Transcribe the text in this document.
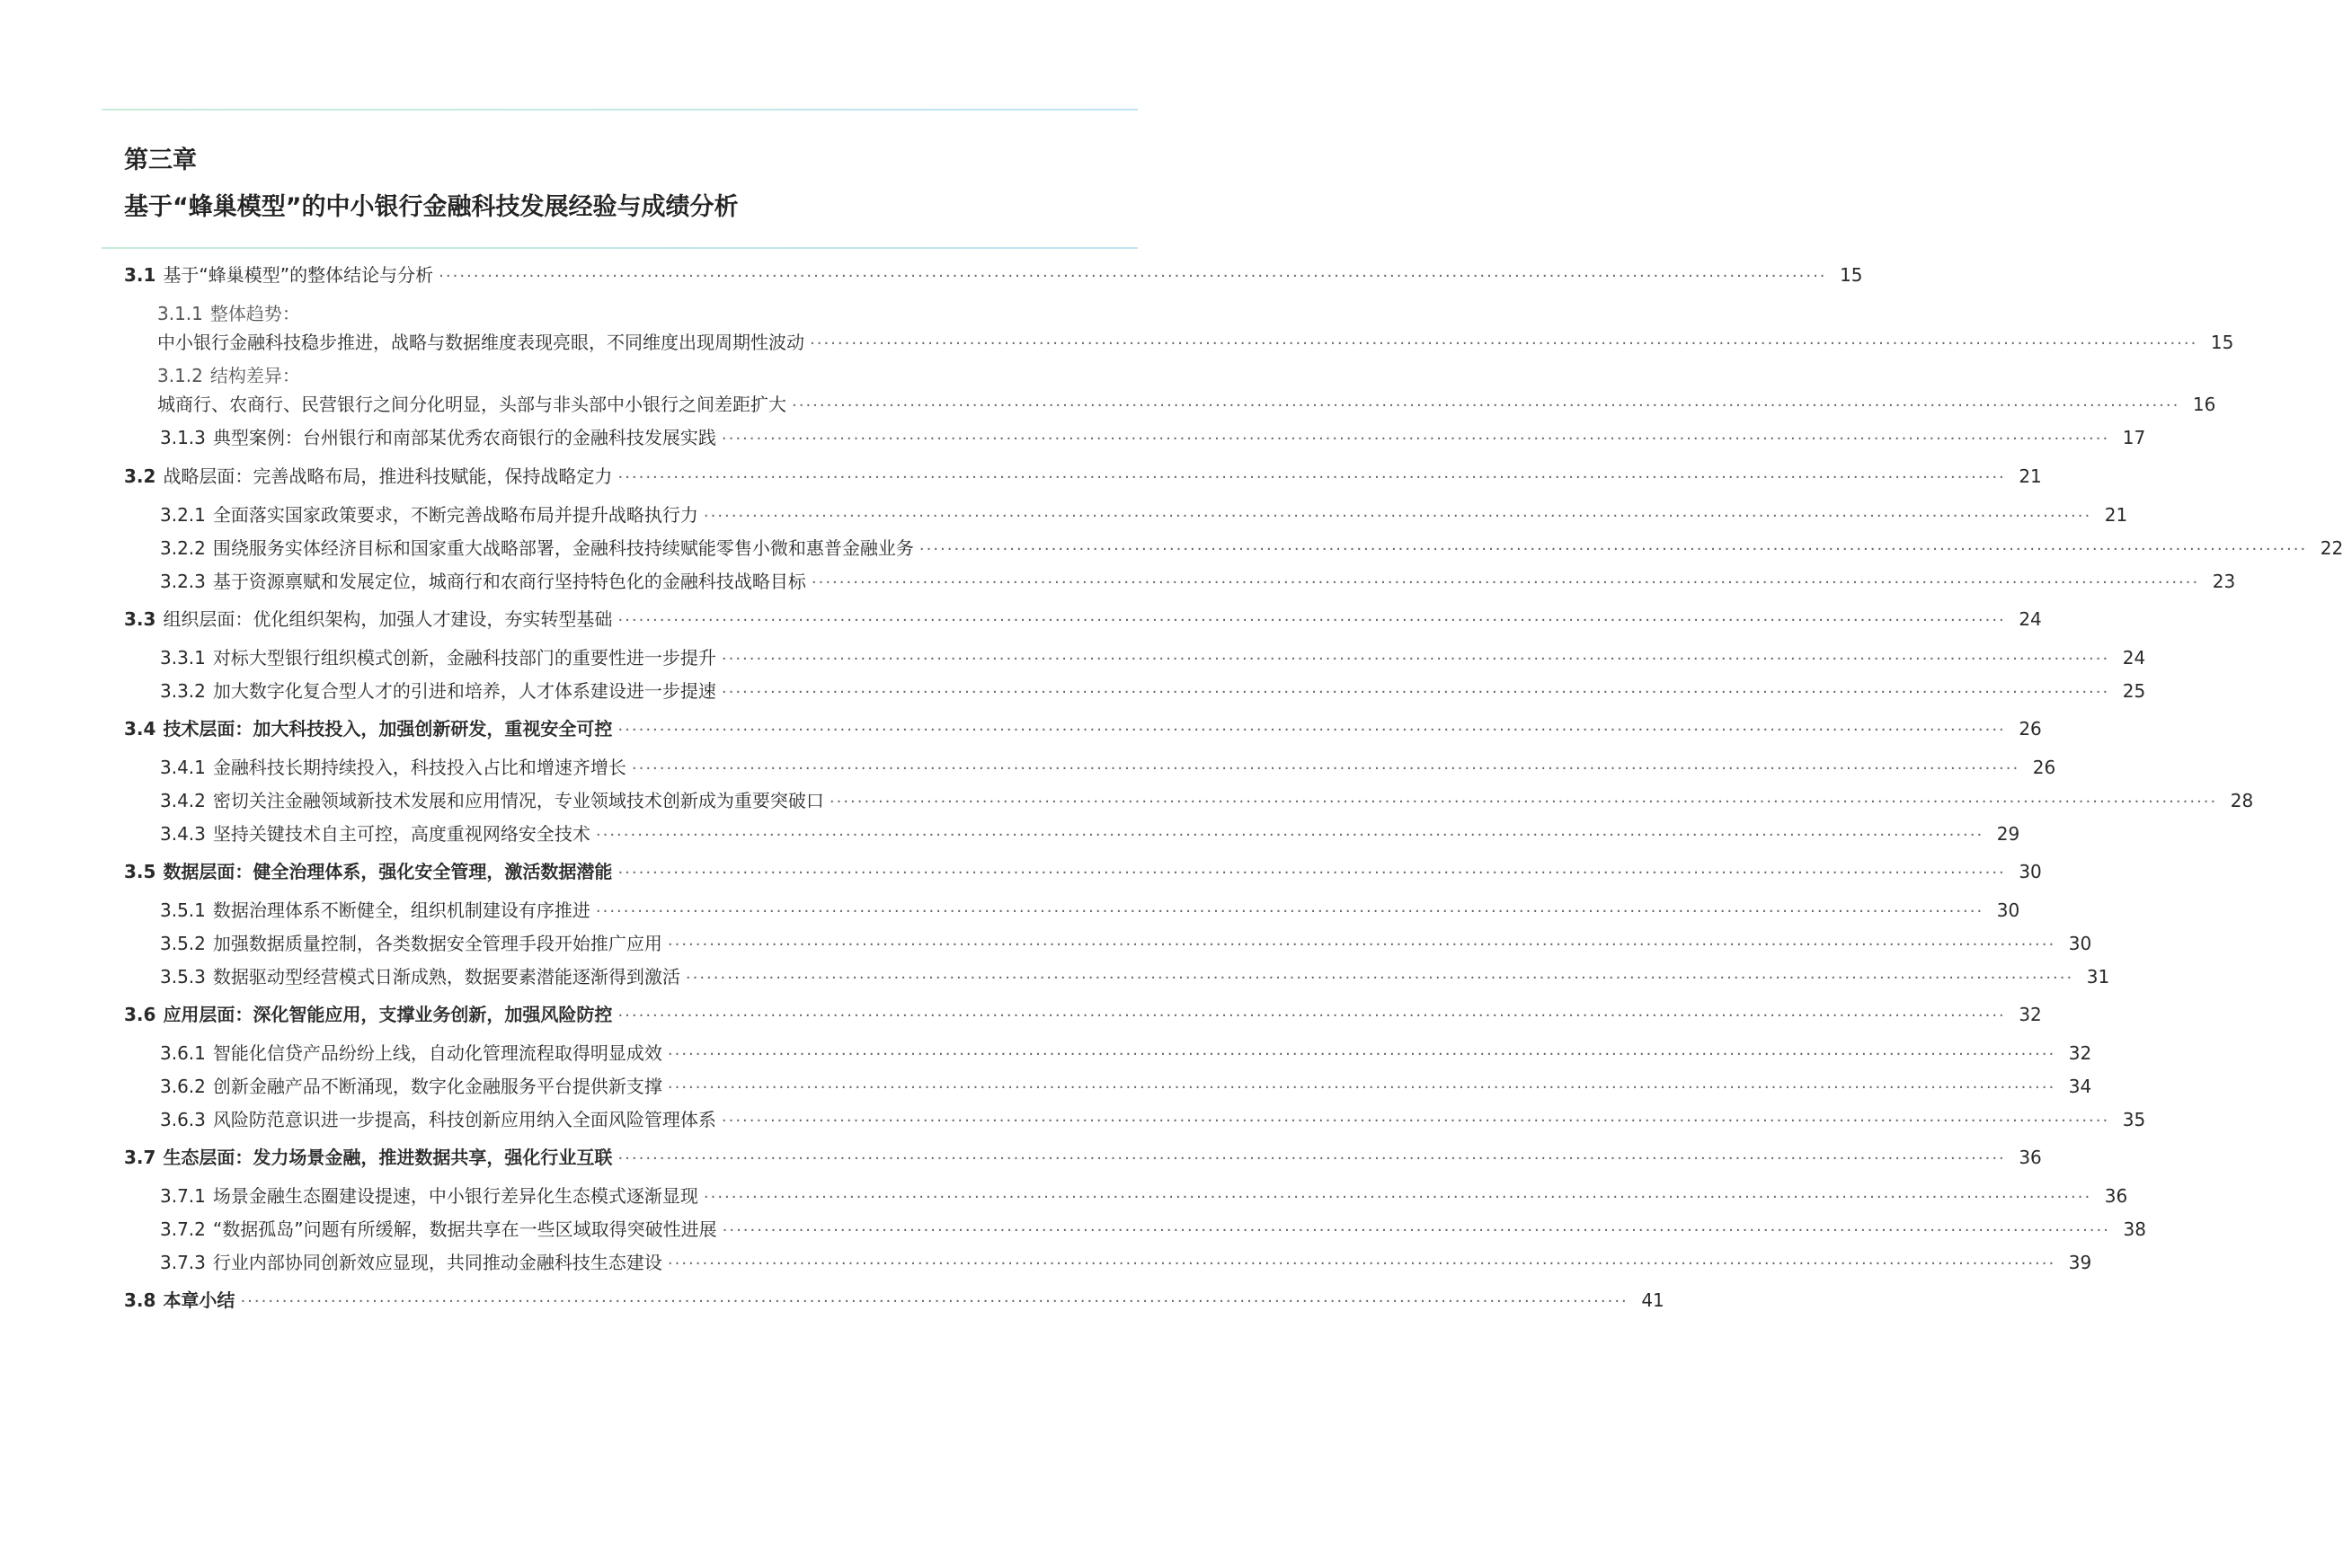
第三章
基于“蜂巢模型”的中小银行金融科技发展经验与成绩分析
3.1 基于“蜂巢模型”的整体结论与分析 ········································································································································································································ 15
3.1.1 整体趋势：
中小银行金融科技稳步推进，战略与数据维度表现亮眼，不同维度出现周期性波动 ········································································································································································································ 15
3.1.2 结构差异：
城商行、农商行、民营银行之间分化明显，头部与非头部中小银行之间差距扩大 ········································································································································································································ 16
3.1.3 典型案例：台州银行和南部某优秀农商银行的金融科技发展实践 ········································································································································································································ 17
3.2 战略层面：完善战略布局，推进科技赋能，保持战略定力 ········································································································································································································ 21
3.2.1 全面落实国家政策要求，不断完善战略布局并提升战略执行力 ········································································································································································································ 21
3.2.2 围绕服务实体经济目标和国家重大战略部署，金融科技持续赋能零售小微和惠普金融业务 ········································································································································································································ 22
3.2.3 基于资源禀赋和发展定位，城商行和农商行坚持特色化的金融科技战略目标 ········································································································································································································ 23
3.3 组织层面：优化组织架构，加强人才建设，夯实转型基础 ········································································································································································································ 24
3.3.1 对标大型银行组织模式创新，金融科技部门的重要性进一步提升 ········································································································································································································ 24
3.3.2 加大数字化复合型人才的引进和培养，人才体系建设进一步提速 ········································································································································································································ 25
3.4 技术层面：加大科技投入，加强创新研发，重视安全可控 ········································································································································································································ 26
3.4.1 金融科技长期持续投入，科技投入占比和增速齐增长 ········································································································································································································ 26
3.4.2 密切关注金融领域新技术发展和应用情况，专业领域技术创新成为重要突破口 ········································································································································································································ 28
3.4.3 坚持关键技术自主可控，高度重视网络安全技术 ········································································································································································································ 29
3.5 数据层面：健全治理体系，强化安全管理，激活数据潜能 ········································································································································································································ 30
3.5.1 数据治理体系不断健全，组织机制建设有序推进 ········································································································································································································ 30
3.5.2 加强数据质量控制，各类数据安全管理手段开始推广应用 ········································································································································································································ 30
3.5.3 数据驱动型经营模式日渐成熟，数据要素潜能逐渐得到激活 ········································································································································································································ 31
3.6 应用层面：深化智能应用，支撑业务创新，加强风险防控 ········································································································································································································ 32
3.6.1 智能化信贷产品纷纷上线，自动化管理流程取得明显成效 ········································································································································································································ 32
3.6.2 创新金融产品不断涌现，数字化金融服务平台提供新支撑 ········································································································································································································ 34
3.6.3 风险防范意识进一步提高，科技创新应用纳入全面风险管理体系 ········································································································································································································ 35
3.7 生态层面：发力场景金融，推进数据共享，强化行业互联 ········································································································································································································ 36
3.7.1 场景金融生态圈建设提速，中小银行差异化生态模式逐渐显现 ········································································································································································································ 36
3.7.2 “数据孤岛”问题有所缓解，数据共享在一些区域取得突破性进展 ········································································································································································································ 38
3.7.3 行业内部协同创新效应显现，共同推动金融科技生态建设 ········································································································································································································ 39
3.8 本章小结 ········································································································································································································ 41
